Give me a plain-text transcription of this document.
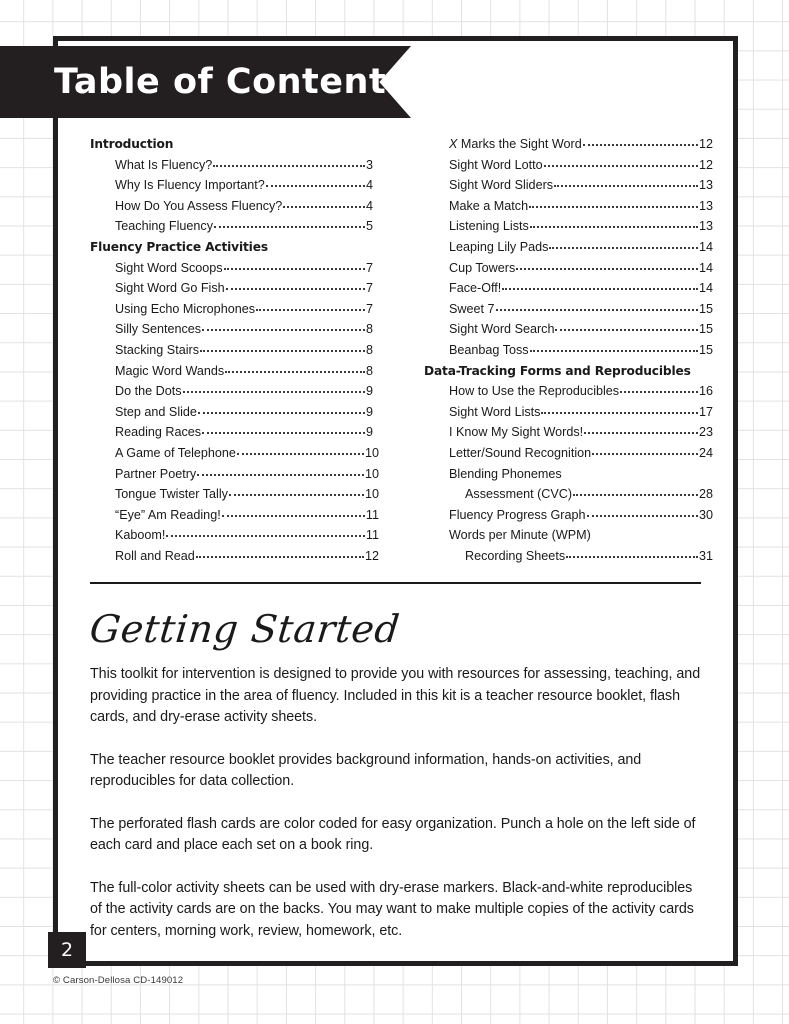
Table of Contents
Introduction
What Is Fluency?	3
Why Is Fluency Important?	4
How Do You Assess Fluency?	4
Teaching Fluency	5
Fluency Practice Activities
Sight Word Scoops	7
Sight Word Go Fish	7
Using Echo Microphones	7
Silly Sentences	8
Stacking Stairs	8
Magic Word Wands	8
Do the Dots	9
Step and Slide	9
Reading Races	9
A Game of Telephone	10
Partner Poetry	10
Tongue Twister Tally	10
“Eye” Am Reading!	11
Kaboom!	11
Roll and Read	12
X Marks the Sight Word	12
Sight Word Lotto	12
Sight Word Sliders	13
Make a Match	13
Listening Lists	13
Leaping Lily Pads	14
Cup Towers	14
Face-Off!	14
Sweet 7	15
Sight Word Search	15
Beanbag Toss	15
Data-Tracking Forms and Reproducibles
How to Use the Reproducibles	16
Sight Word Lists	17
I Know My Sight Words!	23
Letter/Sound Recognition	24
Blending Phonemes
Assessment (CVC)	28
Fluency Progress Graph	30
Words per Minute (WPM)
Recording Sheets	31
Getting Started

This toolkit for intervention is designed to provide you with resources for assessing, teaching, and providing practice in the area of fluency. Included in this kit is a teacher resource booklet, flash cards, and dry-erase activity sheets.

The teacher resource booklet provides background information, hands-on activities, and reproducibles for data collection.

The perforated flash cards are color coded for easy organization. Punch a hole on the left side of each card and place each set on a book ring.

The full-color activity sheets can be used with dry-erase markers. Black-and-white reproducibles of the activity cards are on the backs. You may want to make multiple copies of the activity cards for centers, morning work, review, homework, etc.

2
© Carson-Dellosa CD-149012
